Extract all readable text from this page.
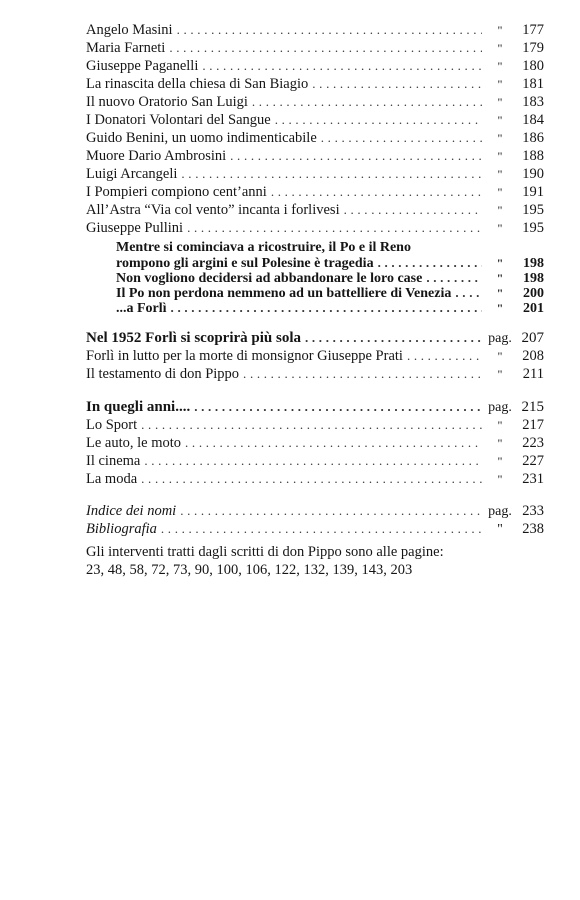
Angelo Masini . . .	"	177
Maria Farneti . . .	"	179
Giuseppe Paganelli . . .	"	180
La rinascita della chiesa di San Biagio . . .	"	181
Il nuovo Oratorio San Luigi . . .	"	183
I Donatori Volontari del Sangue . . .	"	184
Guido Benini, un uomo indimenticabile . . .	"	186
Muore Dario Ambrosini . . .	"	188
Luigi Arcangeli . . .	"	190
I Pompieri compiono cent’anni . . .	"	191
All’Astra “Via col vento” incanta i forlivesi . . .	"	195
Giuseppe Pullini . . .	"	195
Mentre si cominciava a ricostruire, il Po e il Reno
rompono gli argini e sul Polesine è tragedia . . .	"	198
Non vogliono decidersi ad abbandonare le loro case . . .	"	198
Il Po non perdona nemmeno ad un battelliere di Venezia . . .	"	200
...a Forlì . . .	"	201
Nel 1952 Forlì si scoprirà più sola . . .	pag. 207
Forlì in lutto per la morte di monsignor Giuseppe Prati . . .	"	208
Il testamento di don Pippo . . .	"	211
In quegli anni.... . . .	pag. 215
Lo Sport . . .	"	217
Le auto, le moto . . .	"	223
Il cinema . . .	"	227
La moda . . .	"	231
Indice dei nomi . . .	pag. 233
Bibliografia . . .	"	238

Gli interventi tratti dagli scritti di don Pippo sono alle pagine:

23, 48, 58, 72, 73, 90, 100, 106, 122, 132, 139, 143, 203
